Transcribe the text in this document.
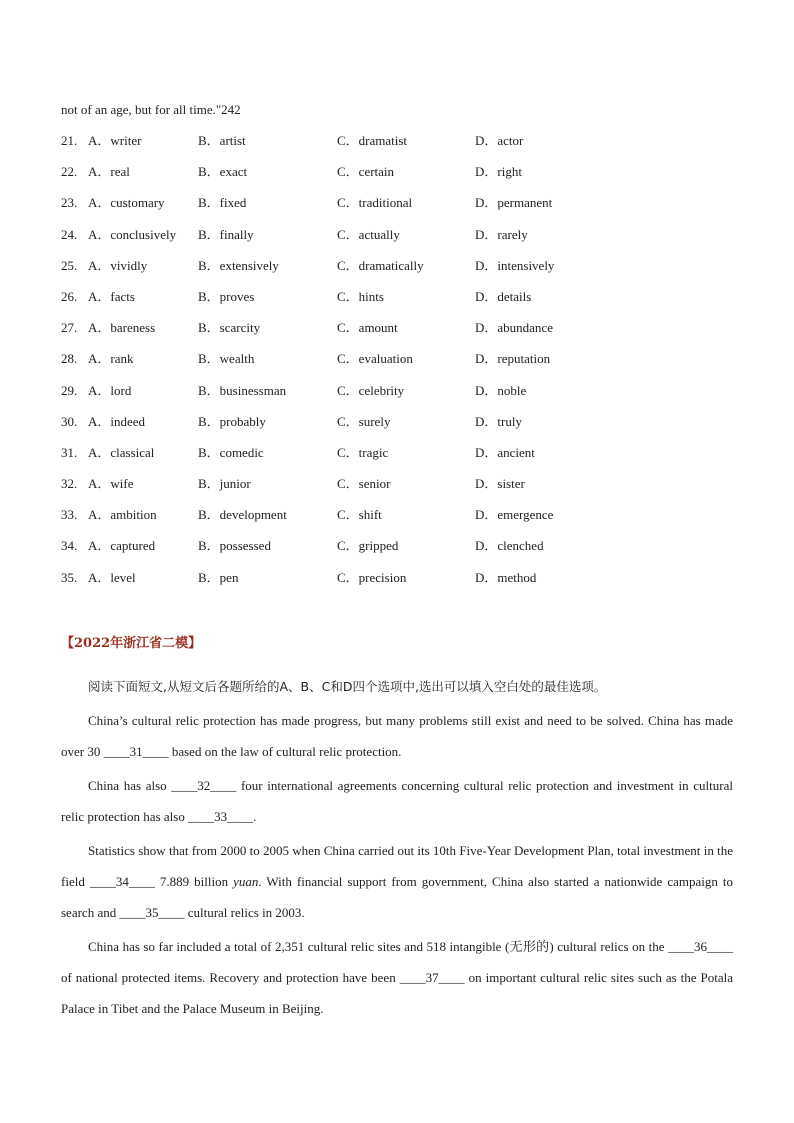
not of an age, but for all time."242
21. A．writer	B．artist	C．dramatist	D．actor
22. A．real	B．exact	C．certain	D．right
23. A．customary	B．fixed	C．traditional	D．permanent
24. A．conclusively B．finally	C．actually	D．rarely
25. A．vividly	B．extensively	C．dramatically	D．intensively
26. A．facts	B．proves	C．hints	D．details
27. A．bareness	B．scarcity	C．amount	D．abundance
28. A．rank	B．wealth	C．evaluation	D．reputation
29. A．lord	B．businessman	C．celebrity	D．noble
30. A．indeed	B．probably	C．surely	D．truly
31. A．classical	B．comedic	C．tragic	D．ancient
32. A．wife	B．junior	C．senior	D．sister
33. A．ambition	B．development	C．shift	D．emergence
34. A．captured	B．possessed	C．gripped	D．clenched
35. A．level	B．pen	C．precision	D．method
【2022年浙江省二模】

阅读下面短文,从短文后各题所给的A、B、C和D四个选项中,选出可以填入空白处的最佳选项。

China’s cultural relic protection has made progress, but many problems still exist and need to be solved. China has made over 30 ____31____ based on the law of cultural relic protection.

China has also ____32____ four international agreements concerning cultural relic protection and investment in cultural relic protection has also ____33____.

Statistics show that from 2000 to 2005 when China carried out its 10th Five-Year Development Plan, total investment in the field ____34____ 7.889 billion yuan. With financial support from government, China also started a nationwide campaign to search and ____35____ cultural relics in 2003.

China has so far included a total of 2,351 cultural relic sites and 518 intangible (无形的) cultural relics on the ____36____ of national protected items. Recovery and protection have been ____37____ on important cultural relic sites such as the Potala Palace in Tibet and the Palace Museum in Beijing.
